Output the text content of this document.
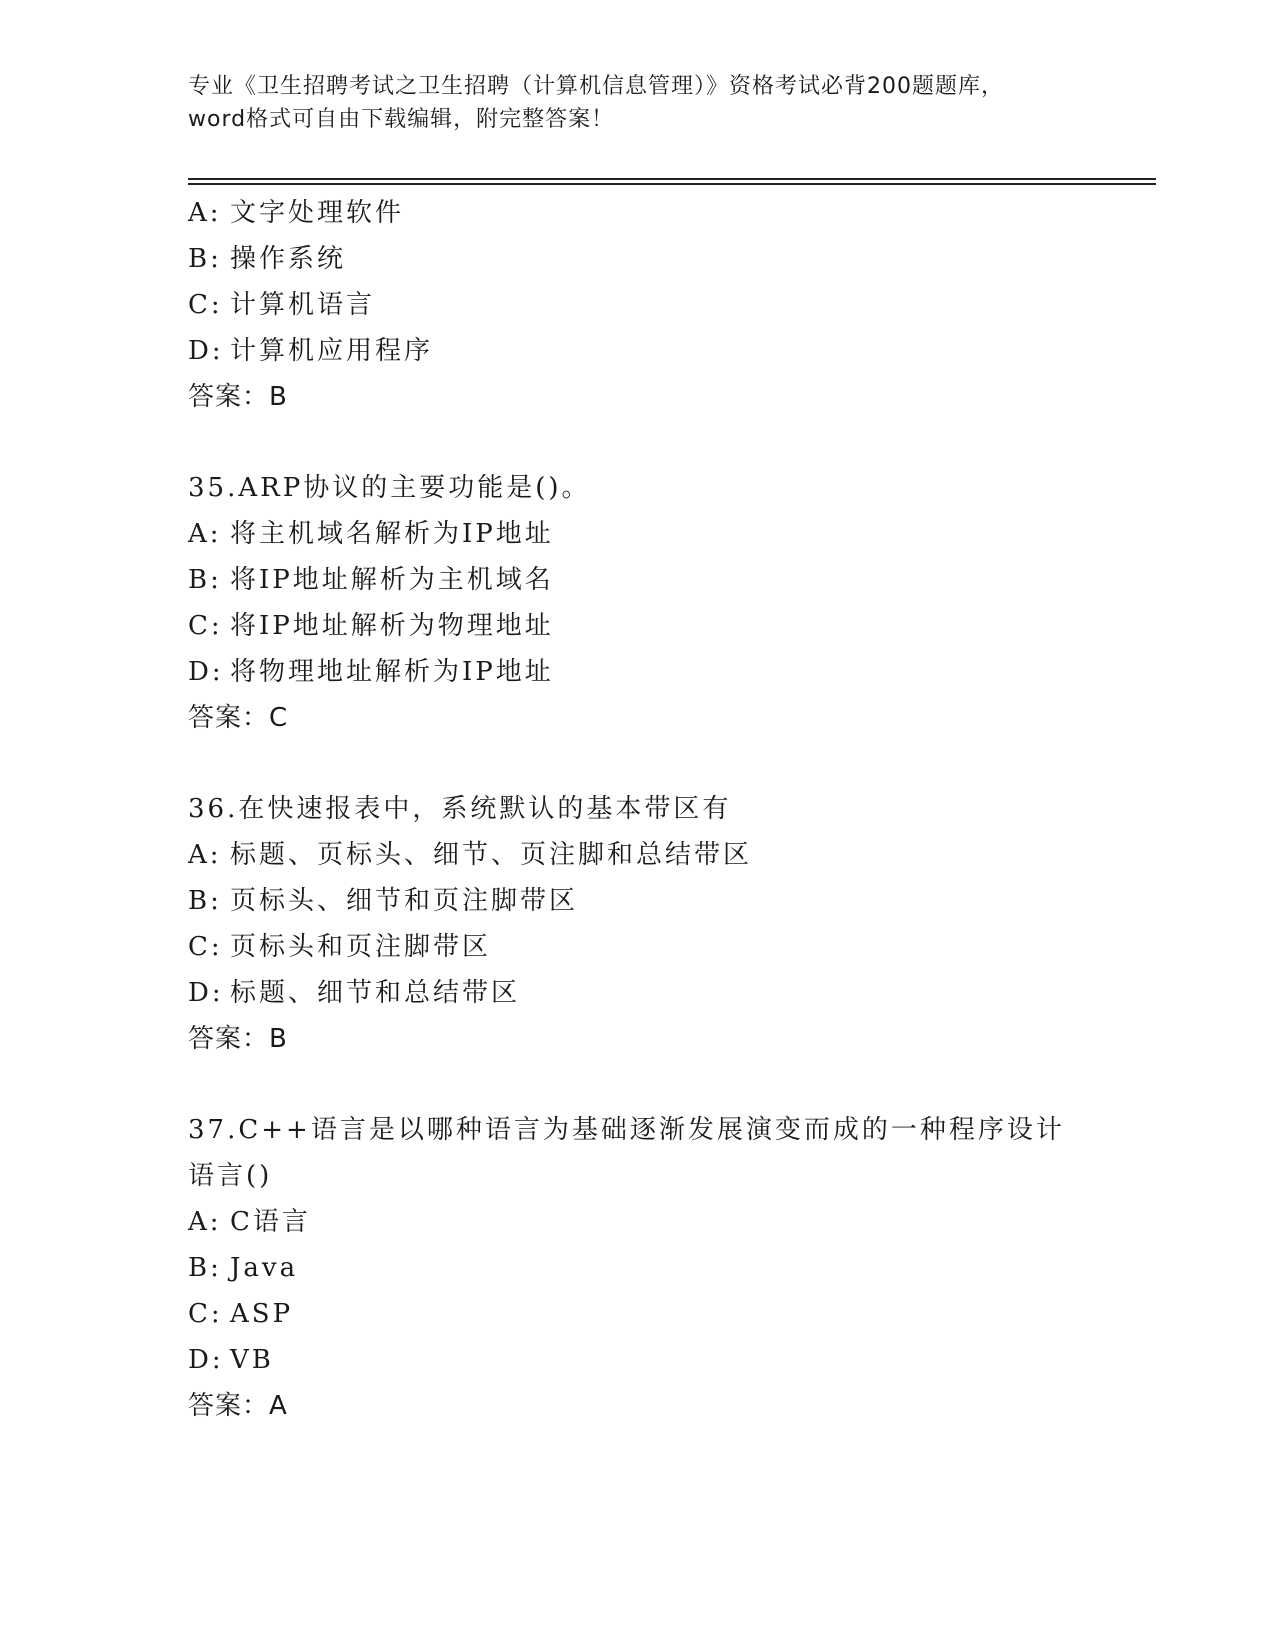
专业《卫生招聘考试之卫生招聘（计算机信息管理）》资格考试必背200题题库，
word格式可自由下载编辑，附完整答案！
A: 文字处理软件
B: 操作系统
C: 计算机语言
D: 计算机应用程序
答案：B
35.ARP协议的主要功能是()。
A: 将主机域名解析为IP地址
B: 将IP地址解析为主机域名
C: 将IP地址解析为物理地址
D: 将物理地址解析为IP地址
答案：C
36.在快速报表中，系统默认的基本带区有
A: 标题、页标头、细节、页注脚和总结带区
B: 页标头、细节和页注脚带区
C: 页标头和页注脚带区
D: 标题、细节和总结带区
答案：B
37.C++语言是以哪种语言为基础逐渐发展演变而成的一种程序设计语言()
A: C语言
B: Java
C: ASP
D: VB
答案：A
